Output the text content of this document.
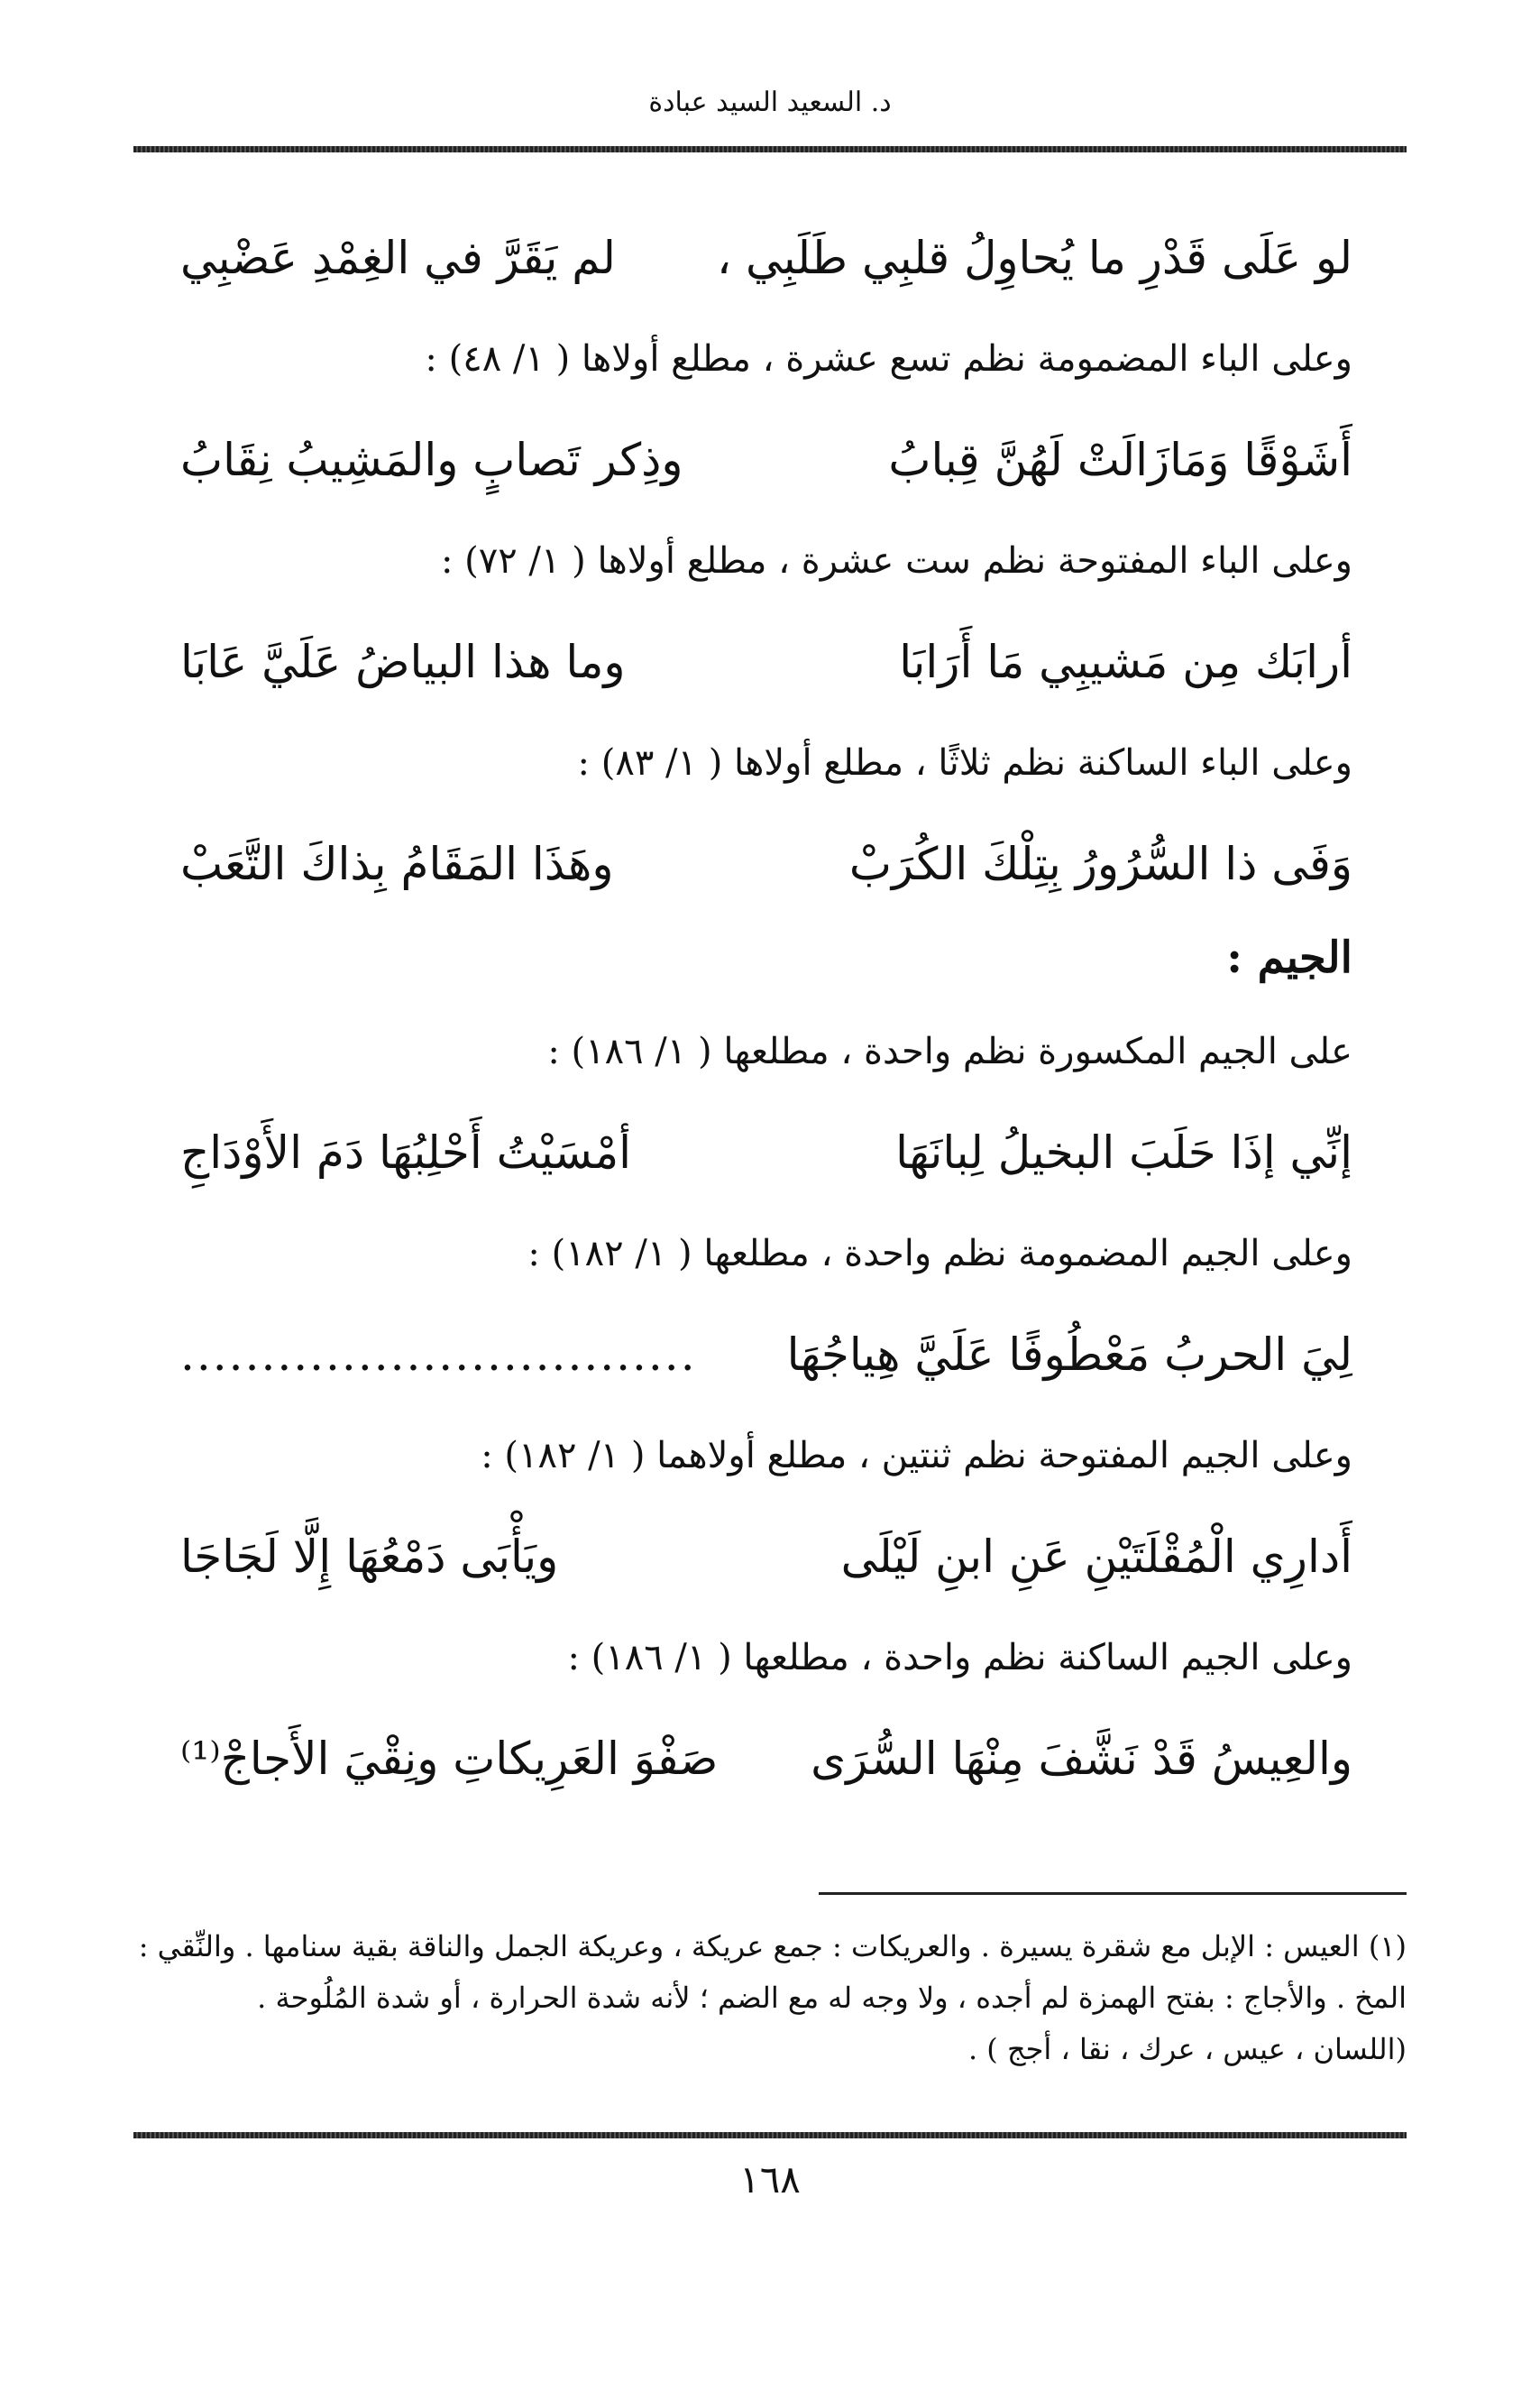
د. السعيد السيد عبادة
لو عَلَى قَدْرِ ما يُحاوِلُ قلبِي طَلَبِي ،
لم يَقَرَّ في الغِمْدِ عَضْبِي
وعلى الباء المضمومة نظم تسع عشرة ، مطلع أولاها ( ١/ ٤٨) :
أَشَوْقًا وَمَازَالَتْ لَهُنَّ قِبابُ
وذِكر تَصابٍ والمَشِيبُ نِقَابُ
وعلى الباء المفتوحة نظم ست عشرة ، مطلع أولاها ( ١/ ٧٢) :
أرابَك مِن مَشيبِي مَا أَرَابَا
وما هذا البياضُ عَلَيَّ عَابَا
وعلى الباء الساكنة نظم ثلاثًا ، مطلع أولاها ( ١/ ٨٣) :
وَفَى ذا السُّرُورُ بِتِلْكَ الكُرَبْ
وهَذَا المَقَامُ بِذاكَ التَّعَبْ
الجيم :
على الجيم المكسورة نظم واحدة ، مطلعها ( ١/ ١٨٦) :
إنِّي إذَا حَلَبَ البخيلُ لِبانَهَا
أمْسَيْتُ أَحْلِبُهَا دَمَ الأَوْدَاجِ
وعلى الجيم المضمومة نظم واحدة ، مطلعها ( ١/ ١٨٢) :
لِيَ الحربُ مَعْطُوفًا عَلَيَّ هِياجُهَا
................................
وعلى الجيم المفتوحة نظم ثنتين ، مطلع أولاهما ( ١/ ١٨٢) :
أَدارِي الْمُقْلَتَيْنِ عَنِ ابنِ لَيْلَى
ويَأْبَى دَمْعُهَا إِلَّا لَجَاجَا
وعلى الجيم الساكنة نظم واحدة ، مطلعها ( ١/ ١٨٦) :
والعِيسُ قَدْ نَشَّفَ مِنْهَا السُّرَى
صَفْوَ العَرِيكاتِ ونِقْيَ الأَجاجْ⁽¹⁾

(١) العيس : الإبل مع شقرة يسيرة . والعريكات : جمع عريكة ، وعريكة الجمل والناقة بقية سنامها . والنِّقي :

المخ . والأجاج : بفتح الهمزة لم أجده ، ولا وجه له مع الضم ؛ لأنه شدة الحرارة ، أو شدة المُلُوحة .

(اللسان ، عيس ، عرك ، نقا ، أجج ) .

١٦٨
